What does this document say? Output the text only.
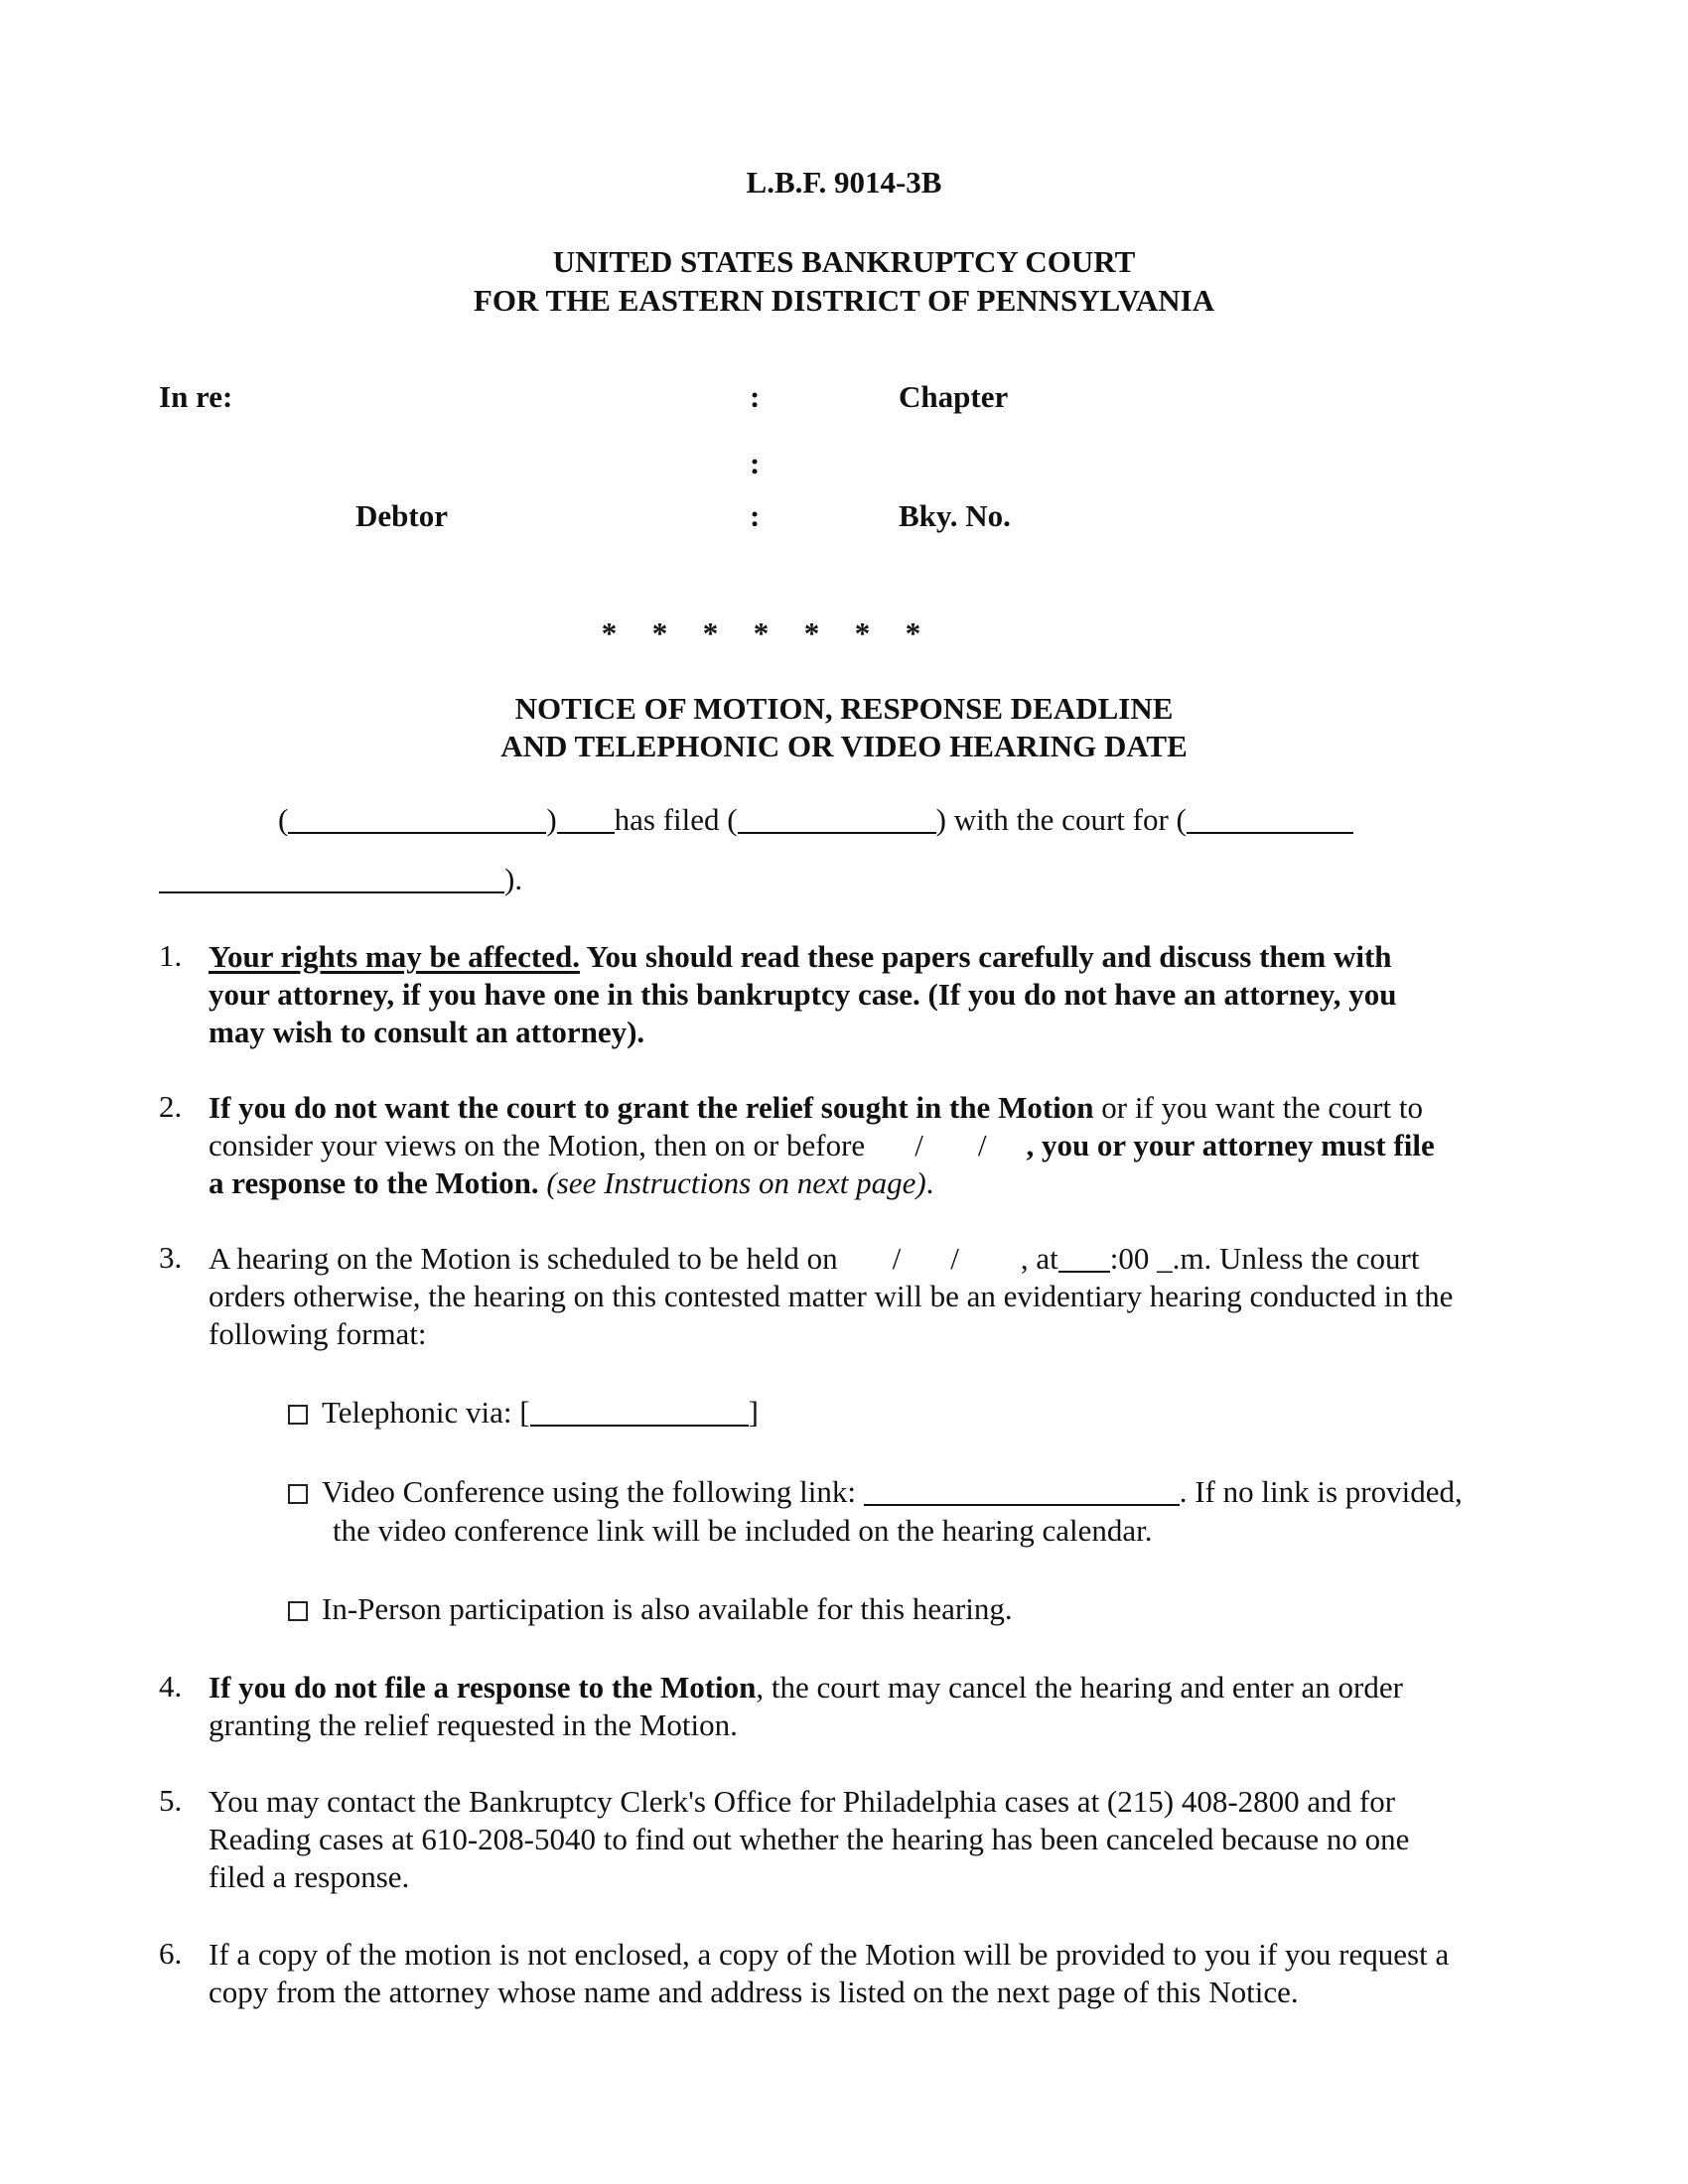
L.B.F. 9014-3B
UNITED STATES BANKRUPTCY COURT
FOR THE EASTERN DISTRICT OF PENNSYLVANIA
In re:	:	Chapter
:
Debtor	:	Bky. No.
* * * * * * *
NOTICE OF MOTION, RESPONSE DEADLINE
AND TELEPHONIC OR VIDEO HEARING DATE
(	) has filed (	) with the court for (
).
1. Your rights may be affected. You should read these papers carefully and discuss them with
your attorney, if you have one in this bankruptcy case. (If you do not have an attorney, you
may wish to consult an attorney).
2. If you do not want the court to grant the relief sought in the Motion or if you want the court to
consider your views on the Motion, then on or before / / , you or your attorney must file
a response to the Motion. (see Instructions on next page).
3. A hearing on the Motion is scheduled to be held on / / , at :00 _.m. Unless the court
orders otherwise, the hearing on this contested matter will be an evidentiary hearing conducted in the
following format:
Telephonic via: [	]
Video Conference using the following link:	. If no link is provided,
the video conference link will be included on the hearing calendar.
In-Person participation is also available for this hearing.
4. If you do not file a response to the Motion, the court may cancel the hearing and enter an order
granting the relief requested in the Motion.
5. You may contact the Bankruptcy Clerk's Office for Philadelphia cases at (215) 408-2800 and for
Reading cases at 610-208-5040 to find out whether the hearing has been canceled because no one
filed a response.
6. If a copy of the motion is not enclosed, a copy of the Motion will be provided to you if you request a
copy from the attorney whose name and address is listed on the next page of this Notice.
